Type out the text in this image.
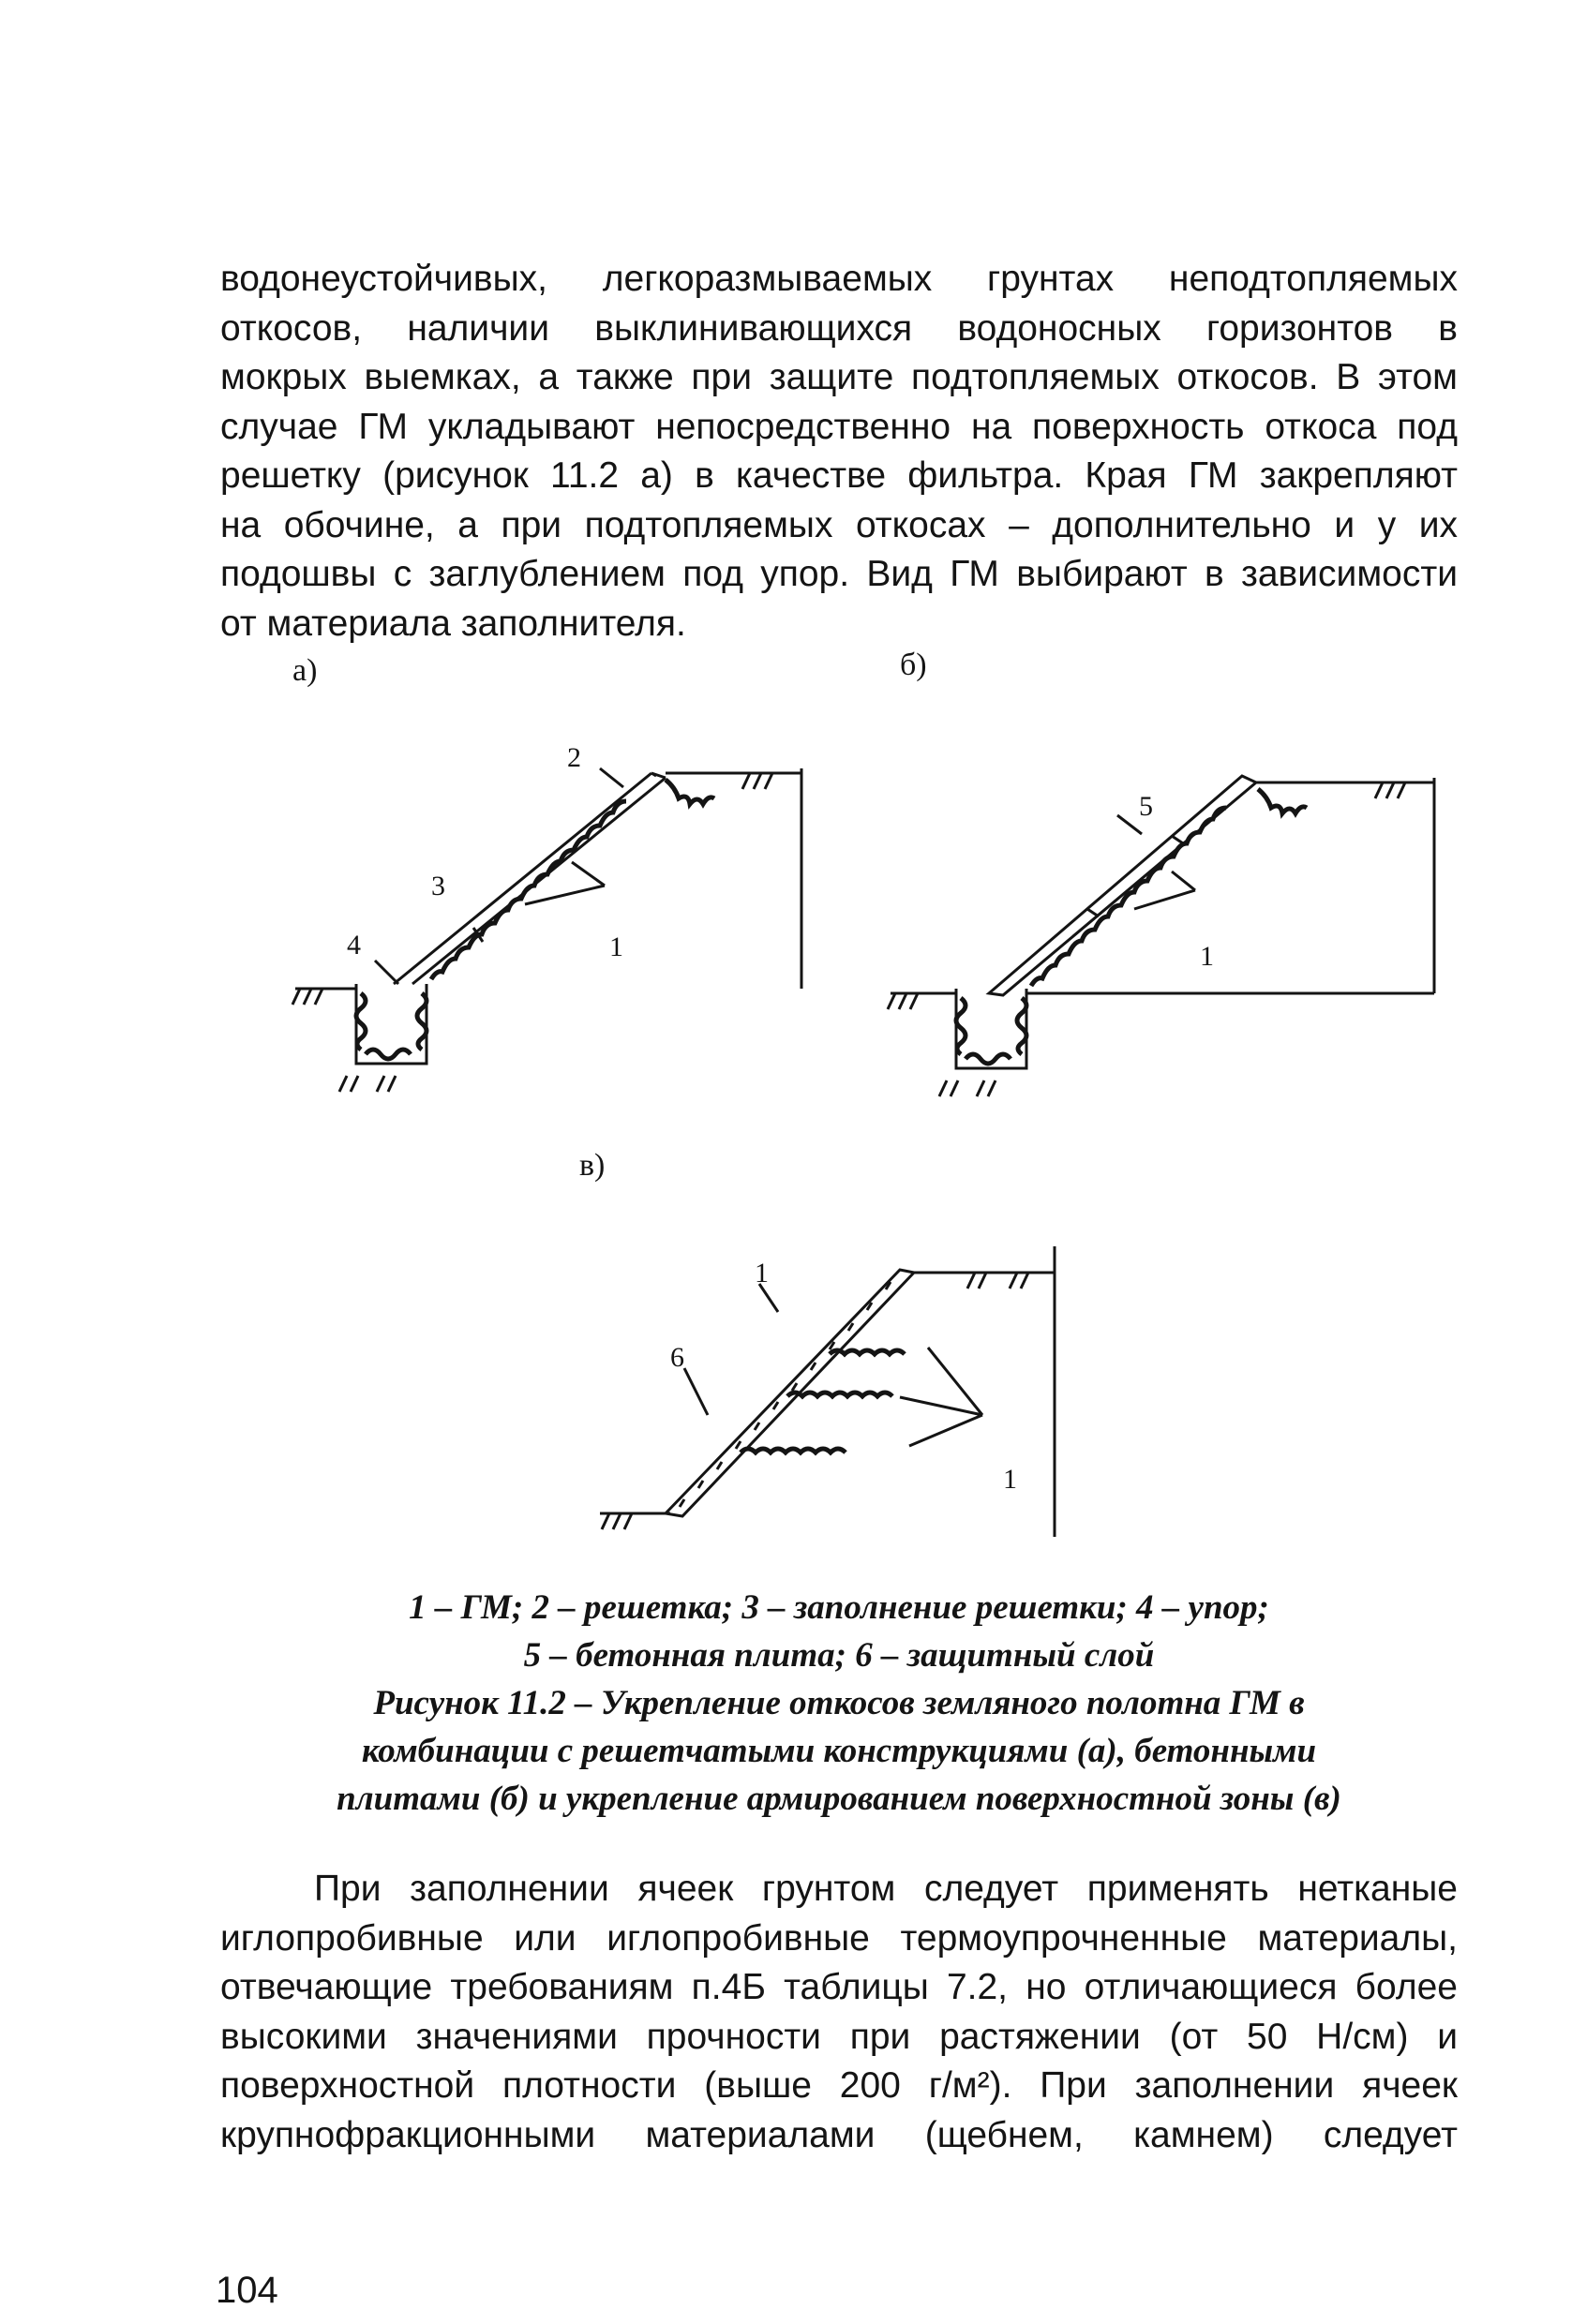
водонеустойчивых, легкоразмываемых грунтах неподтопляемых
откосов, наличии выклинивающихся водоносных горизонтов в
мокрых выемках, а также при защите подтопляемых откосов. В этом
случае ГМ укладывают непосредственно на поверхность откоса под
решетку (рисунок 11.2 а) в качестве фильтра. Края ГМ закрепляют
на обочине, а при подтопляемых откосах – дополнительно и у их
подошвы с заглублением под упор. Вид ГМ выбирают в зависимости
от материала заполнителя.
а)	б)
в)
2
3
4	1
5
1
1
6
1
1 – ГМ; 2 – решетка; 3 – заполнение решетки; 4 – упор;
5 – бетонная плита; 6 – защитный слой
Рисунок 11.2 – Укрепление откосов земляного полотна ГМ в
комбинации с решетчатыми конструкциями (а), бетонными
плитами (б) и укрепление армированием поверхностной зоны (в)
При заполнении ячеек грунтом следует применять нетканые
иглопробивные или иглопробивные термоупрочненные материалы,
отвечающие требованиям п.4Б таблицы 7.2, но отличающиеся более
высокими значениями прочности при растяжении (от 50 Н/см) и
поверхностной плотности (выше 200 г/м²). При заполнении ячеек
крупнофракционными материалами (щебнем, камнем) следует
104
